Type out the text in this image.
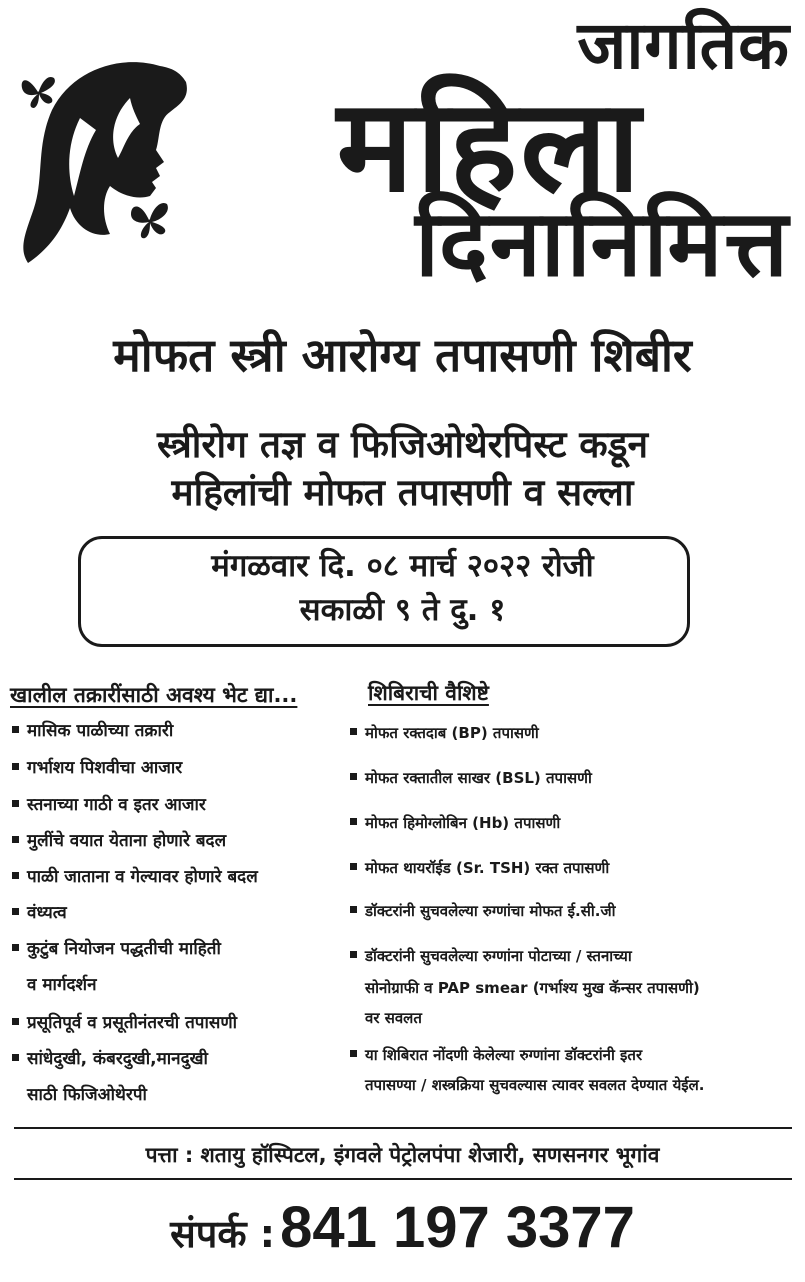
जागतिक
महिला
दिनानिमित्त
मोफत स्त्री आरोग्य तपासणी शिबीर
स्त्रीरोग तज्ञ व फिजिओथेरपिस्ट कडून
महिलांची मोफत तपासणी व सल्ला
मंगळवार दि. ०८ मार्च २०२२ रोजी
सकाळी ९ ते दु. १
खालील तक्रारींसाठी अवश्य भेट द्या...	शिबिराची वैशिष्टे
मासिक पाळीच्या तक्रारी
गर्भाशय पिशवीचा आजार
स्तनाच्या गाठी व इतर आजार
मुलींचे वयात येताना होणारे बदल
पाळी जाताना व गेल्यावर होणारे बदल
वंध्यत्व
कुटुंब नियोजन पद्धतीची माहिती
व मार्गदर्शन
प्रसूतिपूर्व व प्रसूतीनंतरची तपासणी
सांधेदुखी, कंबरदुखी,मानदुखी
साठी फिजिओथेरपी
मोफत रक्तदाब (BP) तपासणी
मोफत रक्तातील साखर (BSL) तपासणी
मोफत हिमोग्लोबिन (Hb) तपासणी
मोफत थायरॉईड (Sr. TSH) रक्त तपासणी
डॉक्टरांनी सुचवलेल्या रुग्णांचा मोफत ई.सी.जी
डॉक्टरांनी सुचवलेल्या रुग्णांना पोटाच्या / स्तनाच्या
सोनोग्राफी व PAP smear (गर्भाश्य मुख कॅन्सर तपासणी)
वर सवलत
या शिबिरात नोंदणी केलेल्या रुग्णांना डॉक्टरांनी इतर
तपासण्या / शस्त्रक्रिया सुचवल्यास त्यावर सवलत देण्यात येईल.
पत्ता : शतायु हॉस्पिटल, इंगवले पेट्रोलपंपा शेजारी, सणसनगर भूगांव
संपर्क : 841 197 3377
